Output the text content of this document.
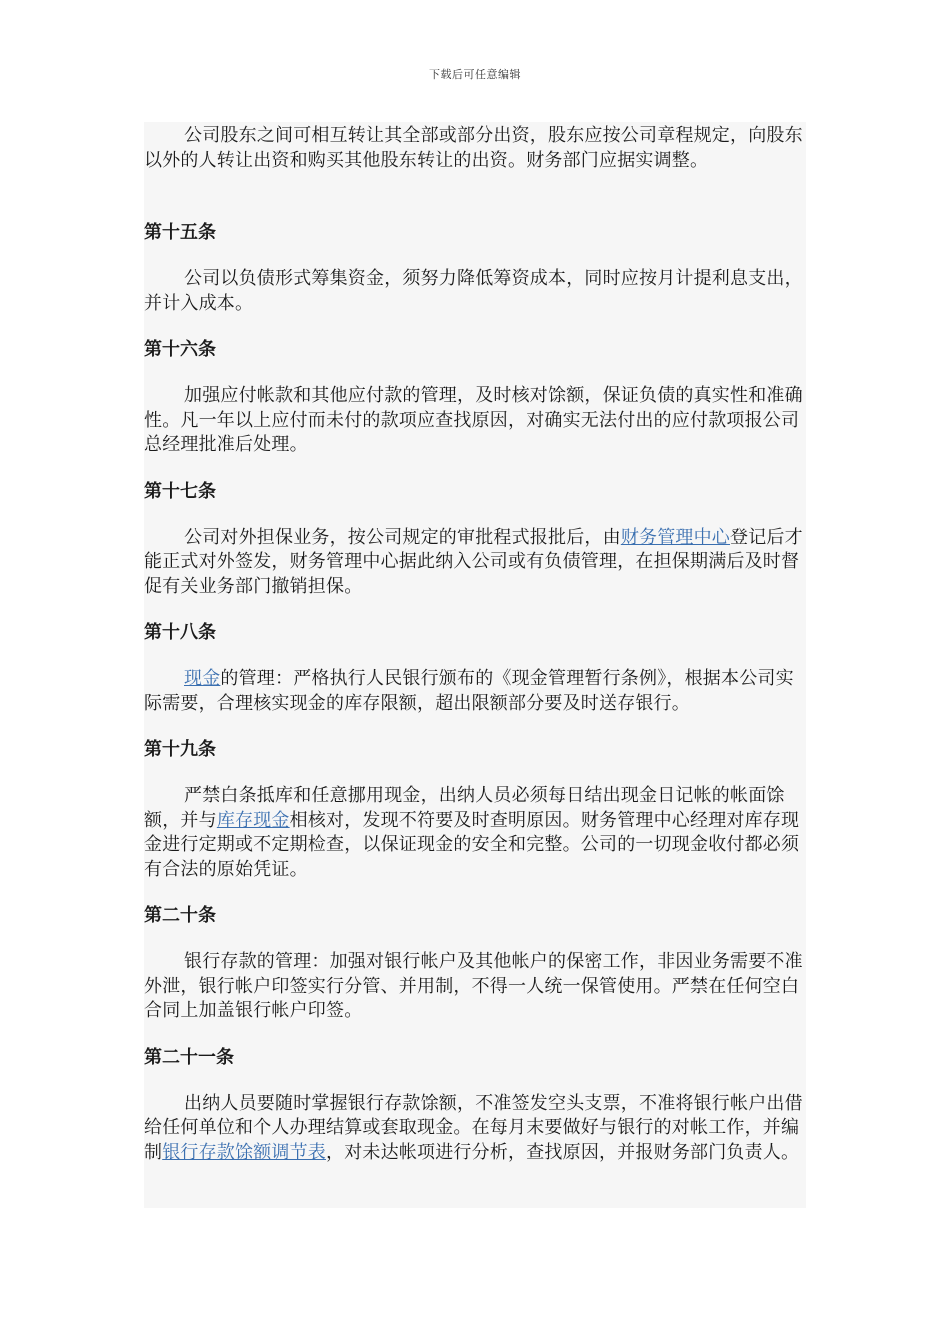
下载后可任意编辑

公司股东之间可相互转让其全部或部分出资，股东应按公司章程规定，向股东以外的人转让出资和购买其他股东转让的出资。财务部门应据实调整。

第十五条

公司以负债形式筹集资金，须努力降低筹资成本，同时应按月计提利息支出，并计入成本。

第十六条

加强应付帐款和其他应付款的管理，及时核对馀额，保证负债的真实性和准确性。凡一年以上应付而未付的款项应查找原因，对确实无法付出的应付款项报公司总经理批准后处理。

第十七条

公司对外担保业务，按公司规定的审批程式报批后，由财务管理中心登记后才能正式对外签发，财务管理中心据此纳入公司或有负债管理，在担保期满后及时督促有关业务部门撤销担保。

第十八条

现金的管理：严格执行人民银行颁布的《现金管理暂行条例》，根据本公司实际需要，合理核实现金的库存限额，超出限额部分要及时送存银行。

第十九条

严禁白条抵库和任意挪用现金，出纳人员必须每日结出现金日记帐的帐面馀额，并与库存现金相核对，发现不符要及时查明原因。财务管理中心经理对库存现金进行定期或不定期检查，以保证现金的安全和完整。公司的一切现金收付都必须有合法的原始凭证。

第二十条

银行存款的管理：加强对银行帐户及其他帐户的保密工作，非因业务需要不准外泄，银行帐户印签实行分管、并用制，不得一人统一保管使用。严禁在任何空白合同上加盖银行帐户印签。

第二十一条

出纳人员要随时掌握银行存款馀额，不准签发空头支票，不准将银行帐户出借给任何单位和个人办理结算或套取现金。在每月末要做好与银行的对帐工作，并编制银行存款馀额调节表，对未达帐项进行分析，查找原因，并报财务部门负责人。
